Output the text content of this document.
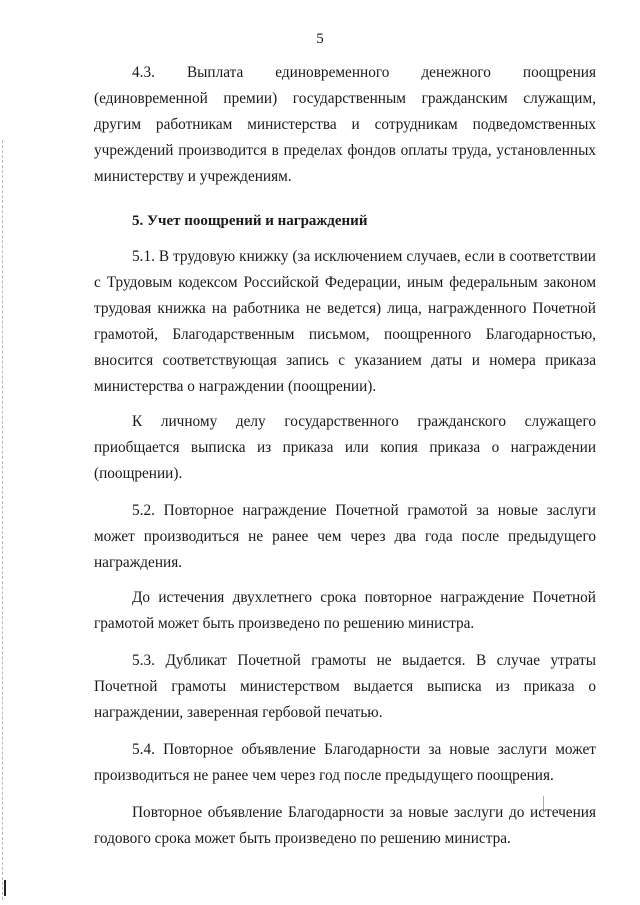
5

4.3. Выплата единовременного денежного поощрения (единовременной премии) государственным гражданским служащим, другим работникам министерства и сотрудникам подведомственных учреждений производится в пределах фондов оплаты труда, установленных министерству и учреждениям.

5. Учет поощрений и награждений

5.1. В трудовую книжку (за исключением случаев, если в соответствии с Трудовым кодексом Российской Федерации, иным федеральным законом трудовая книжка на работника не ведется) лица, награжденного Почетной грамотой, Благодарственным письмом, поощренного Благодарностью, вносится соответствующая запись с указанием даты и номера приказа министерства о награждении (поощрении).

К личному делу государственного гражданского служащего приобщается выписка из приказа или копия приказа о награждении (поощрении).

5.2. Повторное награждение Почетной грамотой за новые заслуги может производиться не ранее чем через два года после предыдущего награждения.

До истечения двухлетнего срока повторное награждение Почетной грамотой может быть произведено по решению министра.

5.3. Дубликат Почетной грамоты не выдается. В случае утраты Почетной грамоты министерством выдается выписка из приказа о награждении, заверенная гербовой печатью.

5.4. Повторное объявление Благодарности за новые заслуги может производиться не ранее чем через год после предыдущего поощрения.

Повторное объявление Благодарности за новые заслуги до истечения годового срока может быть произведено по решению министра.
